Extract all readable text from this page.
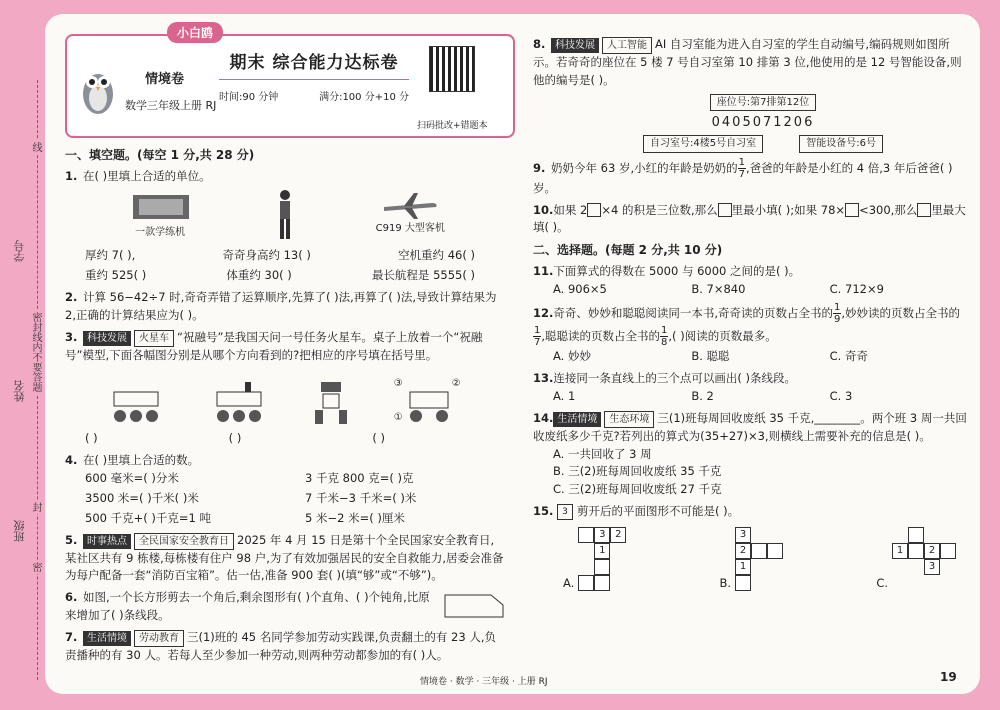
班级
姓名
学号
线
密封线内不要答题
封
密
小白鸥
情境卷
数学三年级上册 RJ
期末 综合能力达标卷
时间:90 分钟	满分:100 分+10 分
扫码批改+错题本
一、填空题。(每空 1 分,共 28 分)
1. 在( )里填上合适的单位。
一款学练机	C919 大型客机
厚约 7( ),	奇奇身高约 13( )	空机重约 46( )
重约 525( )	体重约 30( )	最长航程是 5555( )
2. 计算 56−42÷7 时,奇奇弄错了运算顺序,先算了( )法,再算了( )法,导致计算结果为 2,正确的计算结果应为( )。
3. 科技发展 火星车 “祝融号”是我国天问一号任务火星车。桌子上放着一个“祝融号”模型,下面各幅图分别是从哪个方向看到的?把相应的序号填在括号里。
③
①
②
( )	( )	( )
4. 在( )里填上合适的数。
600 毫米=( )分米	3 千克 800 克=( )克
3500 米=( )千米( )米	7 千米−3 千米=( )米
500 千克+( )千克=1 吨	5 米−2 米=( )厘米
5. 时事热点 全民国家安全教育日 2025 年 4 月 15 日是第十个全民国家安全教育日,某社区共有 9 栋楼,每栋楼有住户 98 户,为了有效加强居民的安全自救能力,居委会准备为每户配备一套“消防百宝箱”。估一估,准备 900 套( )(填“够”或“不够”)。
6. 如图,一个长方形剪去一个角后,剩余图形有( )个直角、( )个钝角,比原来增加了( )条线段。
7. 生活情境 劳动教育 三(1)班的 45 名同学参加劳动实践课,负责翻土的有 23 人,负责播种的有 30 人。若每人至少参加一种劳动,则两种劳动都参加的有( )人。
8. 科技发展 人工智能 AI 自习室能为进入自习室的学生自动编号,编码规则如图所示。若奇奇的座位在 5 楼 7 号自习室第 10 排第 3 位,他使用的是 12 号智能设备,则他的编号是( )。
座位号:第7排第12位
0405071206
自习室号:4楼5号自习室	智能设备号:6号
9. 奶奶今年 63 岁,小红的年龄是奶奶的 $\frac{1}{7}$ ,爸爸的年龄是小红的 4 倍,3 年后爸爸( )岁。
10.如果 2 ×4 的积是三位数,那么 里最小填( );如果 78× <300,那么 里最大填( )。
二、选择题。(每题 2 分,共 10 分)
11.下面算式的得数在 5000 与 6000 之间的是( )。
A. 906×5	B. 7×840	C. 712×9
12.奇奇、妙妙和聪聪阅读同一本书,奇奇读的页数占全书的 $\frac{1}{9}$ ,妙妙读的页数占全书的
$\frac{1}{7}$ ,聪聪读的页数占全书的 $\frac{1}{8}$ ,( )阅读的页数最多。
A. 妙妙	B. 聪聪	C. 奇奇
13.连接同一条直线上的三个点可以画出( )条线段。
A. 1	B. 2	C. 3
14. 生活情境 生态环境 三(1)班每周回收废纸 35 千克,________。两个班 3 周一共回收废纸多少千克?若列出的算式为(35+27)×3,则横线上需要补充的信息是( )。
A. 一共回收了 3 周
B. 三(2)班每周回收废纸 35 千克
C. 三(2)班每周回收废纸 27 千克
15. 3 剪开后的平面图形不可能是( )。
A.
3 2
1
B.
3
2
1
C.
1	2
3
情境卷 · 数学 · 三年级 · 上册 RJ	19
